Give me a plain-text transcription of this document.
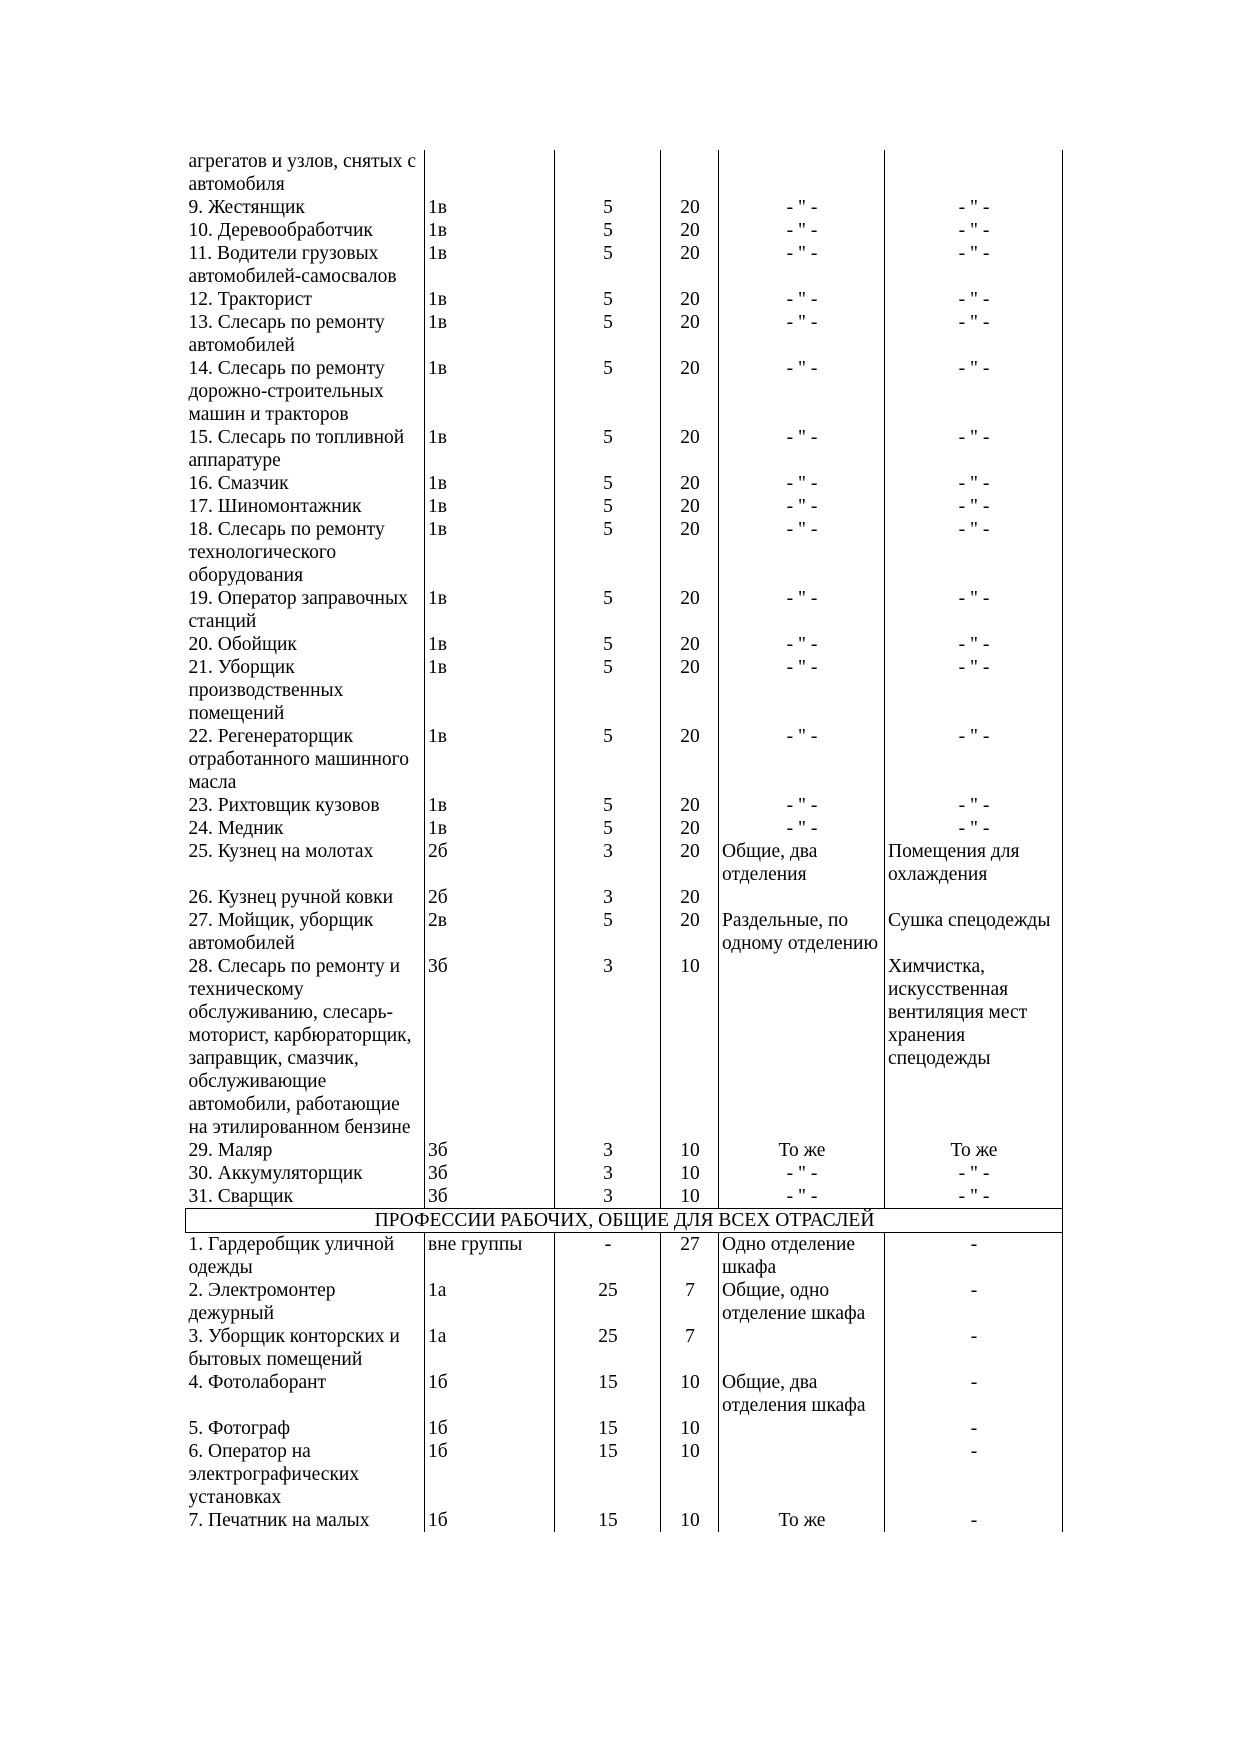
агрегатов и узлов, снятых с автомобиля					
9. Жестянщик	1в	5	20	- " -	- " -
10. Деревообработчик	1в	5	20	- " -	- " -
11. Водители грузовых автомобилей-самосвалов	1в	5	20	- " -	- " -
12. Тракторист	1в	5	20	- " -	- " -
13. Слесарь по ремонту автомобилей	1в	5	20	- " -	- " -
14. Слесарь по ремонту дорожно-строительных машин и тракторов	1в	5	20	- " -	- " -
15. Слесарь по топливной аппаратуре	1в	5	20	- " -	- " -
16. Смазчик	1в	5	20	- " -	- " -
17. Шиномонтажник	1в	5	20	- " -	- " -
18. Слесарь по ремонту технологического оборудования	1в	5	20	- " -	- " -
19. Оператор заправочных станций	1в	5	20	- " -	- " -
20. Обойщик	1в	5	20	- " -	- " -
21. Уборщик производственных помещений	1в	5	20	- " -	- " -
22. Регенераторщик отработанного машинного масла	1в	5	20	- " -	- " -
23. Рихтовщик кузовов	1в	5	20	- " -	- " -
24. Медник	1в	5	20	- " -	- " -
25. Кузнец на молотах	2б	3	20	Общие, два отделения	Помещения для охлаждения
26. Кузнец ручной ковки	2б	3	20		
27. Мойщик, уборщик автомобилей	2в	5	20	Раздельные, по одному отделению	Сушка спецодежды
28. Слесарь по ремонту и техническому обслуживанию, слесарь-моторист, карбюраторщик, заправщик, смазчик, обслуживающие автомобили, работающие на этилированном бензине	3б	3	10		Химчистка, искусственная вентиляция мест хранения спецодежды
29. Маляр	3б	3	10	То же	То же
30. Аккумуляторщик	3б	3	10	- " -	- " -
31. Сварщик	3б	3	10	- " -	- " -
ПРОФЕССИИ РАБОЧИХ, ОБЩИЕ ДЛЯ ВСЕХ ОТРАСЛЕЙ					
1. Гардеробщик уличной одежды	вне группы	-	27	Одно отделение шкафа	-
2. Электромонтер дежурный	1а	25	7	Общие, одно отделение шкафа	-
3. Уборщик конторских и бытовых помещений	1а	25	7		-
4. Фотолаборант	1б	15	10	Общие, два отделения шкафа	-
5. Фотограф	1б	15	10		-
6. Оператор на электрографических установках	1б	15	10		-
7. Печатник на малых	1б	15	10	То же	-
